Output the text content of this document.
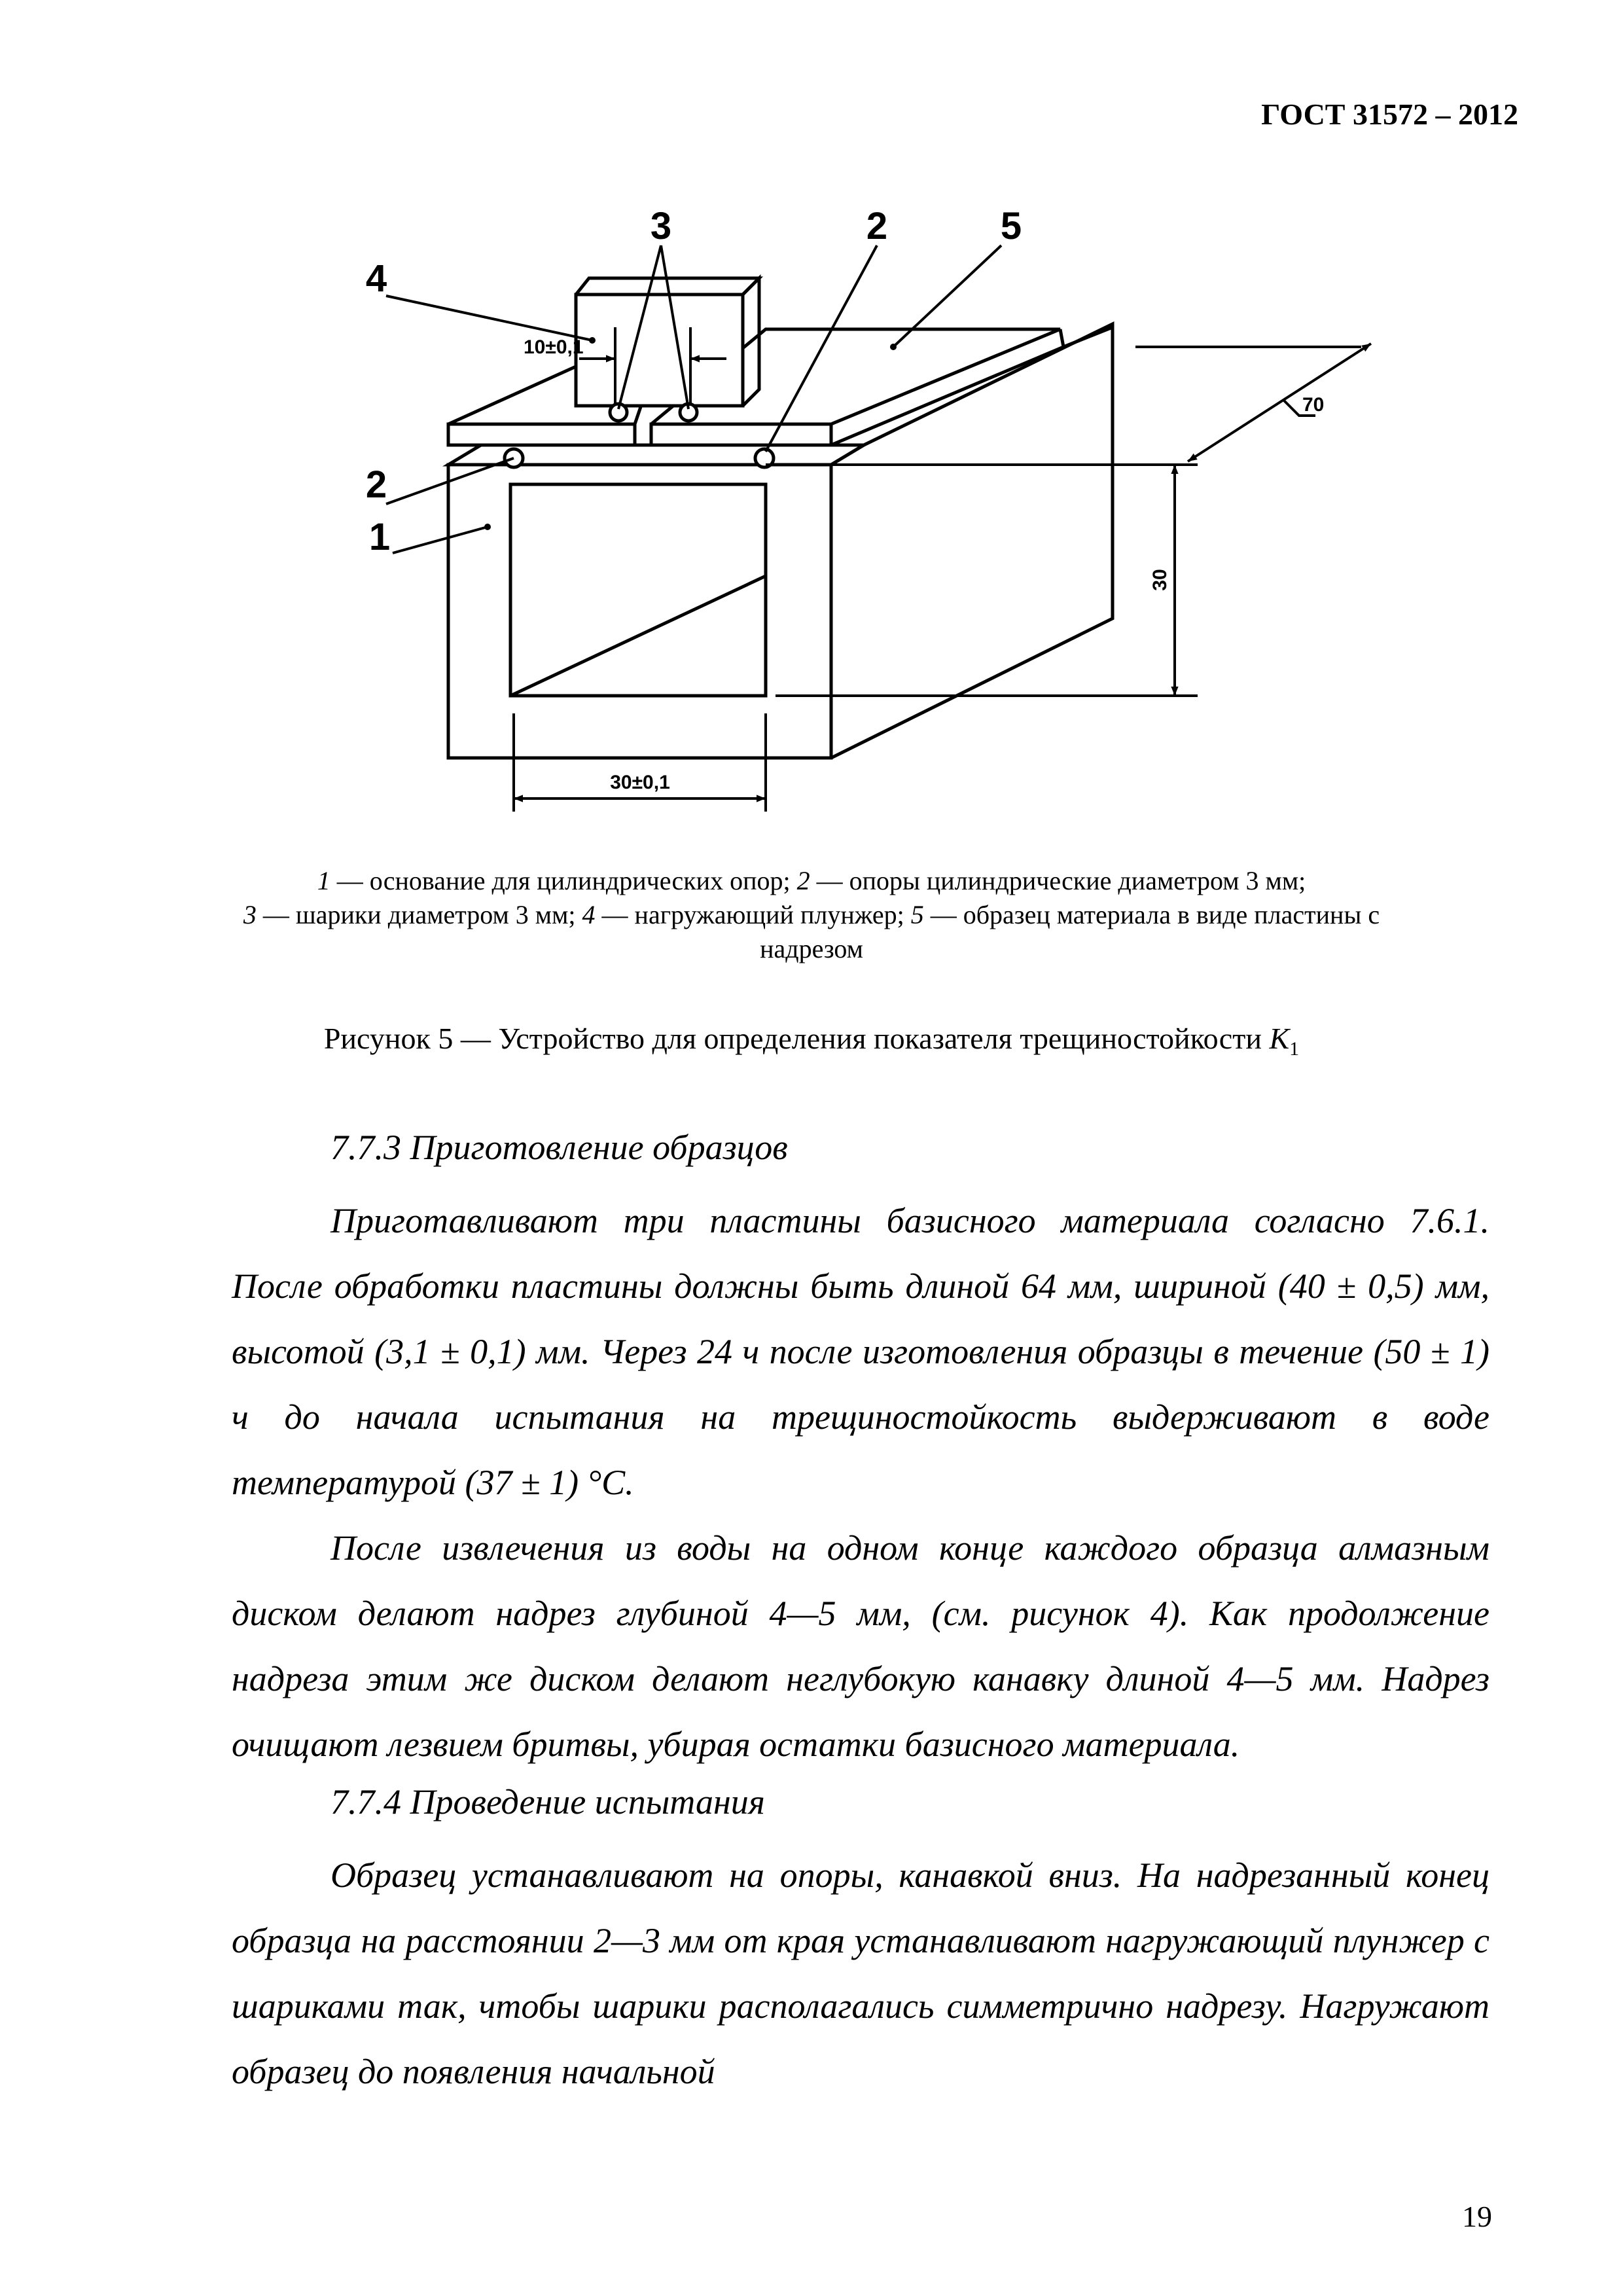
ГОСТ 31572 – 2012
3	2	5
4
2
1
10±0,1
30±0,1
30
70
1 — основание для цилиндрических опор; 2 — опоры цилиндрические диаметром 3 мм;
3 — шарики диаметром 3 мм; 4 — нагружающий плунжер; 5 — образец материала в виде пластины с надрезом
Рисунок 5 — Устройство для определения показателя трещиностойкости $K_1$
7.7.3 Приготовление образцов

Приготавливают три пластины базисного материала согласно 7.6.1. После обработки пластины должны быть длиной 64 мм, шириной (40 ± 0,5) мм, высотой (3,1 ± 0,1) мм. Через 24 ч после изготовления образцы в течение (50 ± 1) ч до начала испытания на трещиностойкость выдерживают в воде температурой (37 ± 1) °С.

После извлечения из воды на одном конце каждого образца алмазным диском делают надрез глубиной 4—5 мм, (см. рисунок 4). Как продолжение надреза этим же диском делают неглубокую канавку длиной 4—5 мм. Надрез очищают лезвием бритвы, убирая остатки базисного материала.

7.7.4 Проведение испытания

Образец устанавливают на опоры, канавкой вниз. На надрезанный конец образца на расстоянии 2—3 мм от края устанавливают нагружающий плунжер с шариками так, чтобы шарики располагались симметрично надрезу. Нагружают образец до появления начальной

19
